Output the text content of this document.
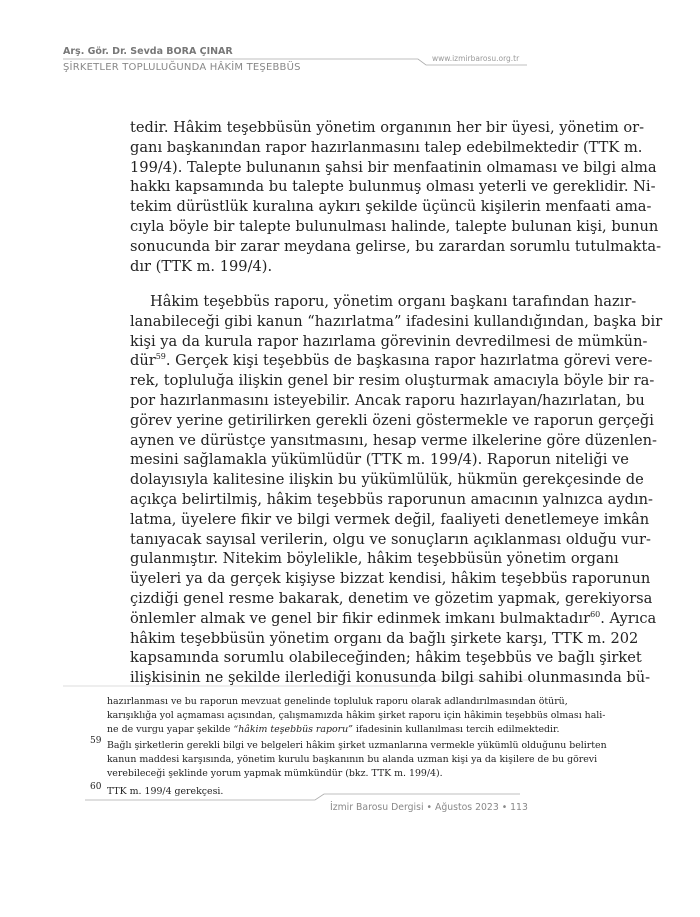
Arş. Gör. Dr. Sevda BORA ÇINAR
ŞİRKETLER TOPLULUĞUNDA HÂKİM TEŞEBBÜS
www.izmirbarosu.org.tr
tedir. Hâkim teşebbüsün yönetim organının her bir üyesi, yönetim or-
ganı başkanından rapor hazırlanmasını talep edebilmektedir (TTK m.
199/4). Talepte bulunanın şahsi bir menfaatinin olmaması ve bilgi alma
hakkı kapsamında bu talepte bulunmuş olması yeterli ve gereklidir. Ni-
tekim dürüstlük kuralına aykırı şekilde üçüncü kişilerin menfaati ama-
cıyla böyle bir talepte bulunulması halinde, talepte bulunan kişi, bunun
sonucunda bir zarar meydana gelirse, bu zarardan sorumlu tutulmakta-
dır (TTK m. 199/4).
Hâkim teşebbüs raporu, yönetim organı başkanı tarafından hazır-
lanabileceği gibi kanun “hazırlatma” ifadesini kullandığından, başka bir
kişi ya da kurula rapor hazırlama görevinin devredilmesi de mümkün-
dür$^{59}$. Gerçek kişi teşebbüs de başkasına rapor hazırlatma görevi vere-
rek, topluluğa ilişkin genel bir resim oluşturmak amacıyla böyle bir ra-
por hazırlanmasını isteyebilir. Ancak raporu hazırlayan/hazırlatan, bu
görev yerine getirilirken gerekli özeni göstermekle ve raporun gerçeği
aynen ve dürüstçe yansıtmasını, hesap verme ilkelerine göre düzenlen-
mesini sağlamakla yükümlüdür (TTK m. 199/4). Raporun niteliği ve
dolayısıyla kalitesine ilişkin bu yükümlülük, hükmün gerekçesinde de
açıkça belirtilmiş, hâkim teşebbüs raporunun amacının yalnızca aydın-
latma, üyelere fikir ve bilgi vermek değil, faaliyeti denetlemeye imkân
tanıyacak sayısal verilerin, olgu ve sonuçların açıklanması olduğu vur-
gulanmıştır. Nitekim böylelikle, hâkim teşebbüsün yönetim organı
üyeleri ya da gerçek kişiyse bizzat kendisi, hâkim teşebbüs raporunun
çizdiği genel resme bakarak, denetim ve gözetim yapmak, gerekiyorsa
önlemler almak ve genel bir fikir edinmek imkanı bulmaktadır$^{60}$. Ayrıca
hâkim teşebbüsün yönetim organı da bağlı şirkete karşı, TTK m. 202
kapsamında sorumlu olabileceğinden; hâkim teşebbüs ve bağlı şirket
ilişkisinin ne şekilde ilerlediği konusunda bilgi sahibi olunmasında bü-
hazırlanması ve bu raporun mevzuat genelinde topluluk raporu olarak adlandırılmasından ötürü,
karışıklığa yol açmaması açısından, çalışmamızda hâkim şirket raporu için hâkimin teşebbüs olması hali-
ne de vurgu yapar şekilde “hâkim teşebbüs raporu” ifadesinin kullanılması tercih edilmektedir.
59 Bağlı şirketlerin gerekli bilgi ve belgeleri hâkim şirket uzmanlarına vermekle yükümlü olduğunu belirten
kanun maddesi karşısında, yönetim kurulu başkanının bu alanda uzman kişi ya da kişilere de bu görevi
verebileceği şeklinde yorum yapmak mümkündür (bkz. TTK m. 199/4).
60 TTK m. 199/4 gerekçesi.
İzmir Barosu Dergisi • Ağustos 2023 • 113
